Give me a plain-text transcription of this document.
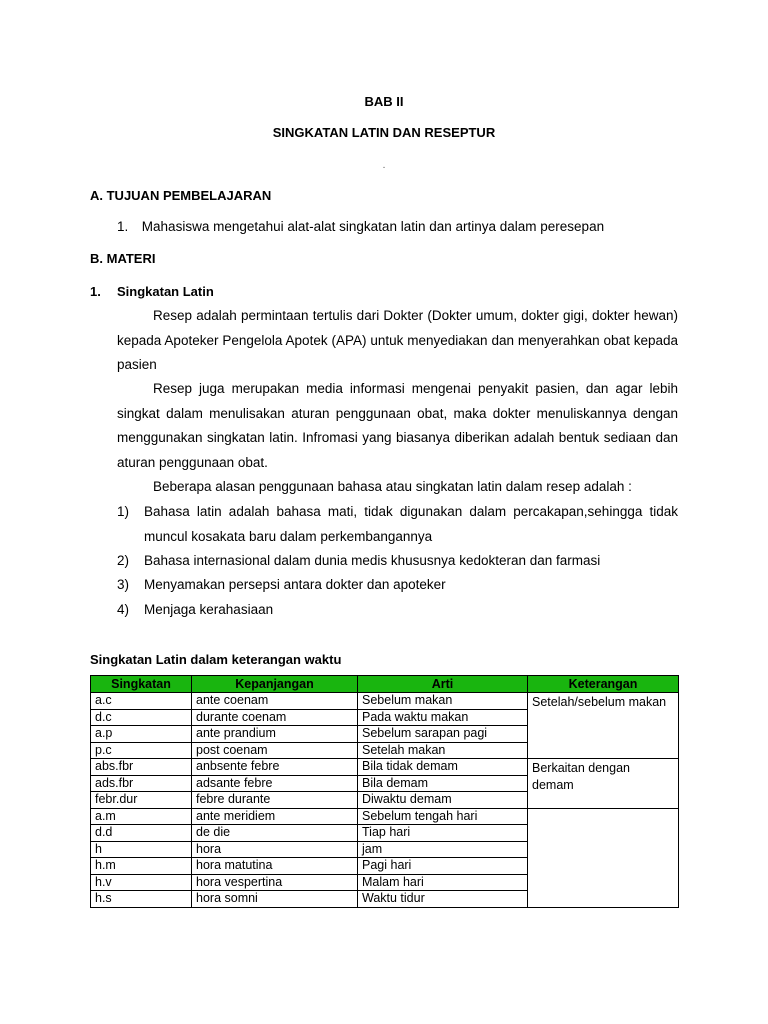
BAB II
SINGKATAN LATIN DAN RESEPTUR
.
A. TUJUAN PEMBELAJARAN
1. Mahasiswa mengetahui alat-alat singkatan latin dan artinya dalam peresepan
B. MATERI
1. Singkatan Latin
Resep adalah permintaan tertulis dari Dokter (Dokter umum, dokter gigi, dokter hewan) kepada Apoteker Pengelola Apotek (APA) untuk menyediakan dan menyerahkan obat kepada pasien
Resep juga merupakan media informasi mengenai penyakit pasien, dan agar lebih singkat dalam menulisakan aturan penggunaan obat, maka dokter menuliskannya dengan menggunakan singkatan latin. Infromasi yang biasanya diberikan adalah bentuk sediaan dan aturan penggunaan obat.
Beberapa alasan penggunaan bahasa atau singkatan latin dalam resep adalah :
1) Bahasa latin adalah bahasa mati, tidak digunakan dalam percakapan,sehingga tidak muncul kosakata baru dalam perkembangannya
2) Bahasa internasional dalam dunia medis khususnya kedokteran dan farmasi
3) Menyamakan persepsi antara dokter dan apoteker
4) Menjaga kerahasiaan
Singkatan Latin dalam keterangan waktu
Singkatan	Kepanjangan	Arti	Keterangan
a.c	ante coenam	Sebelum makan	Setelah/sebelum makan
d.c	durante coenam	Pada waktu makan	
a.p	ante prandium	Sebelum sarapan pagi	
p.c	post coenam	Setelah makan	
abs.fbr	anbsente febre	Bila tidak demam	Berkaitan dengan demam
ads.fbr	adsante febre	Bila demam	
febr.dur	febre durante	Diwaktu demam	
a.m	ante meridiem	Sebelum tengah hari	
d.d	de die	Tiap hari	
h	hora	jam	
h.m	hora matutina	Pagi hari	
h.v	hora vespertina	Malam hari	
h.s	hora somni	Waktu tidur	
